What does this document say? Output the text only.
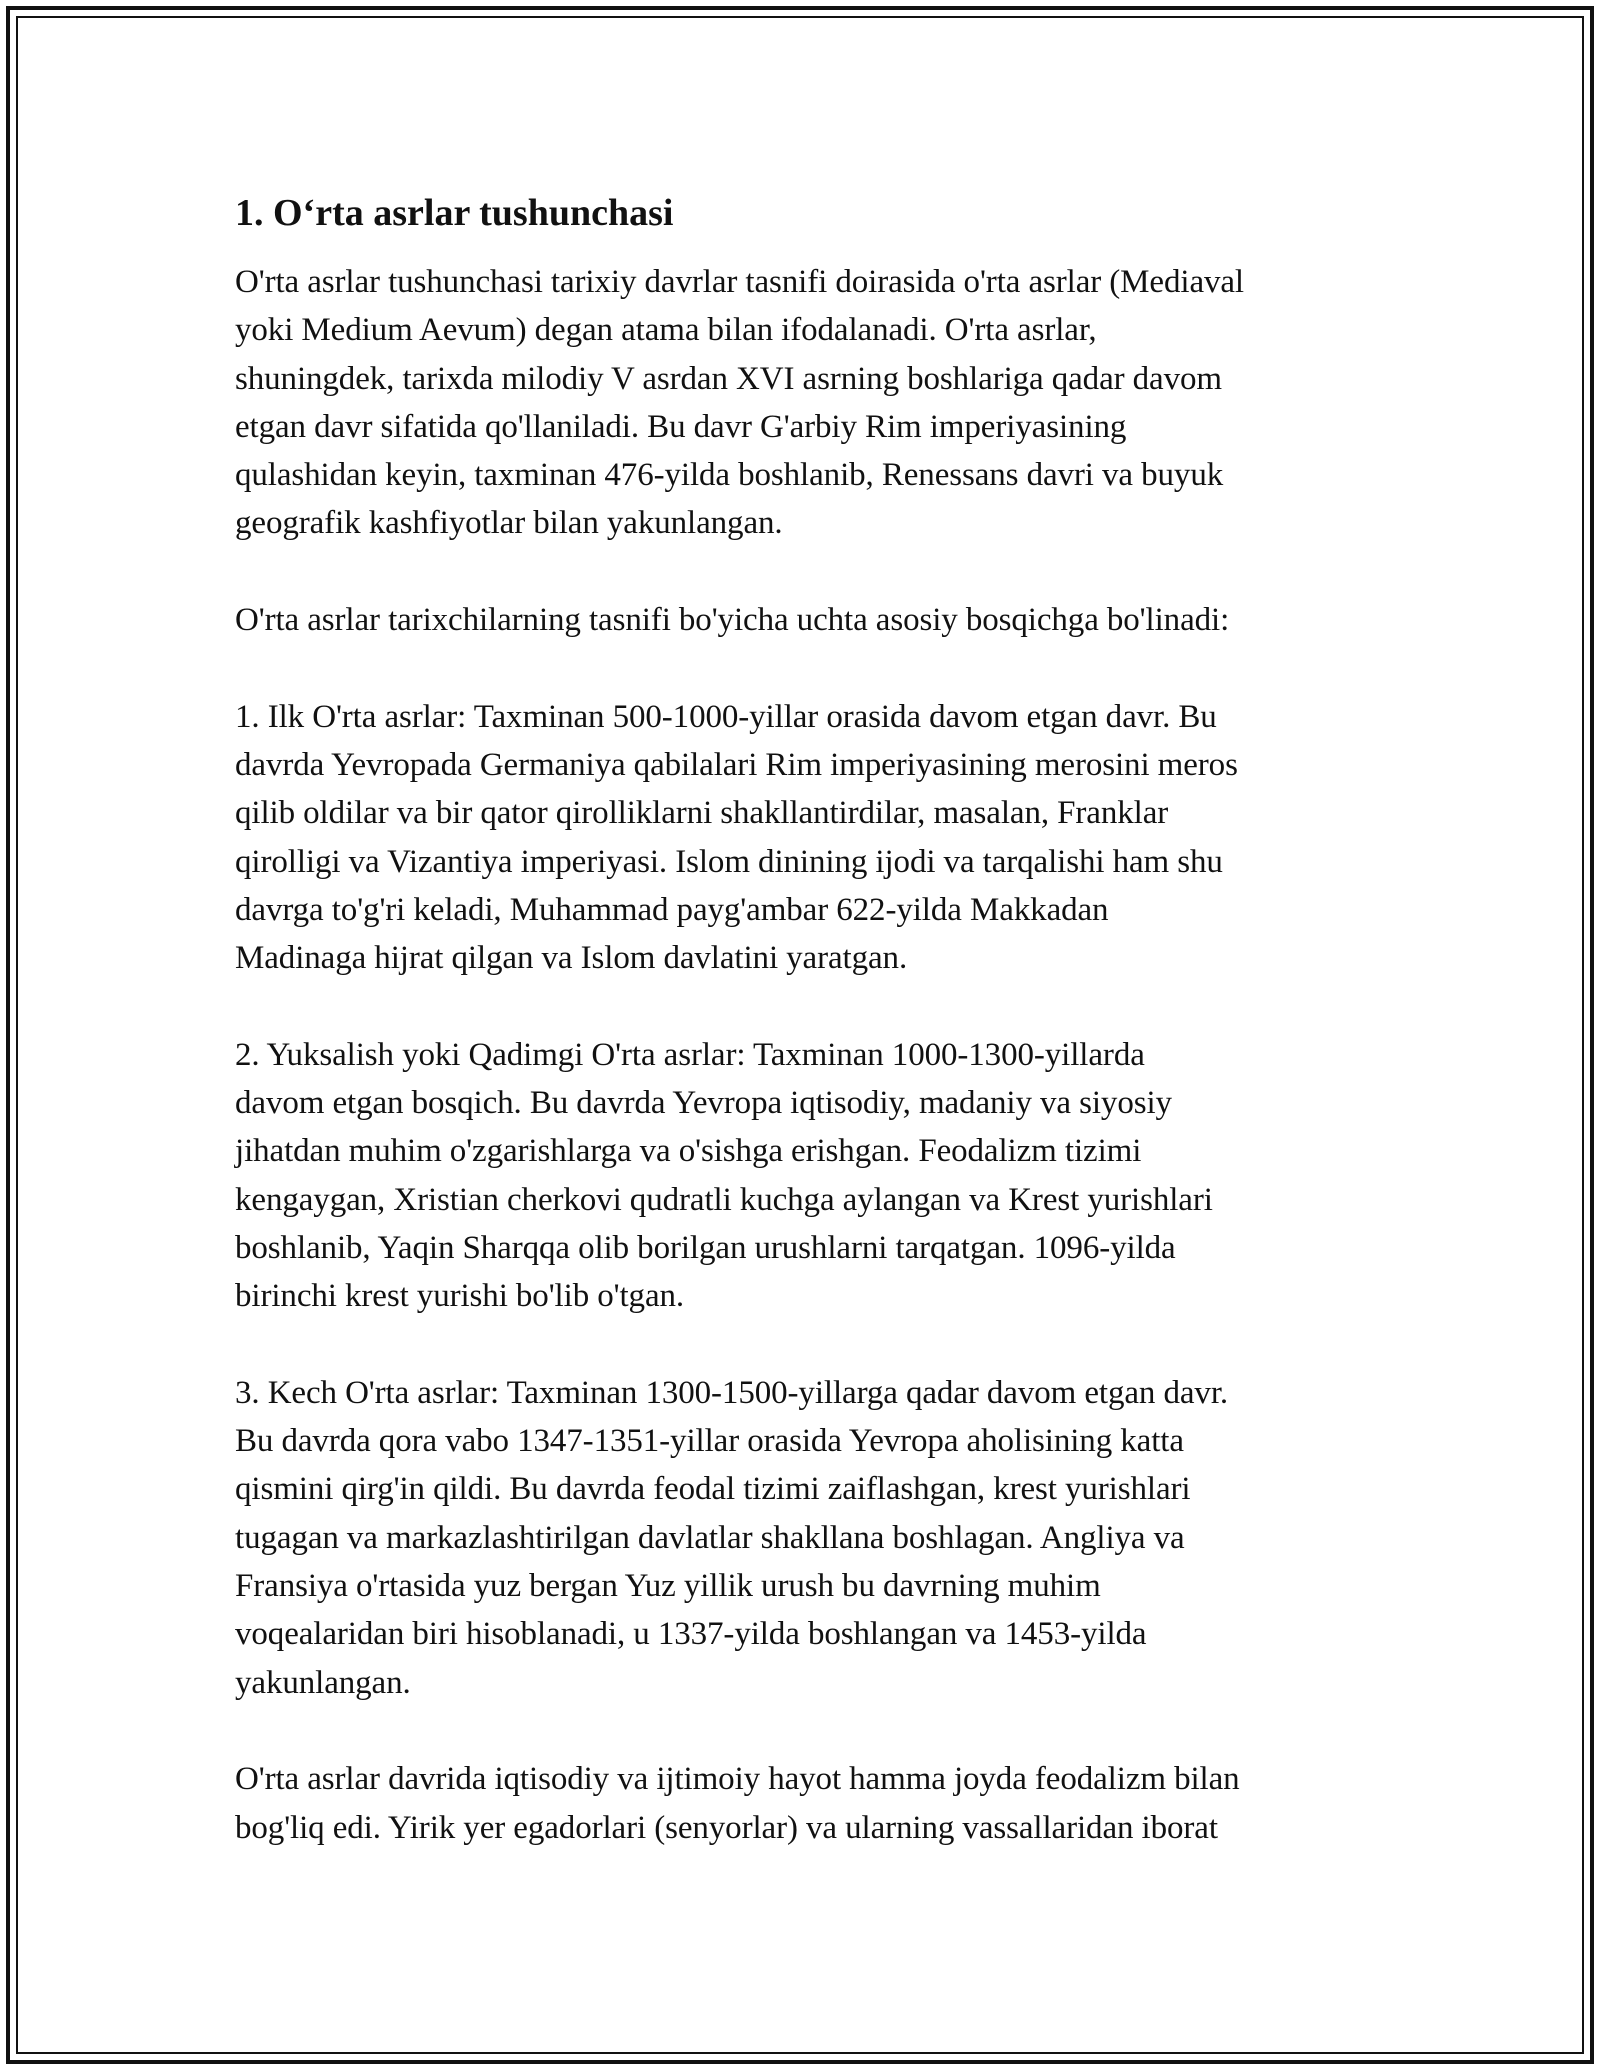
1. O‘rta asrlar tushunchasi
O'rta asrlar tushunchasi tarixiy davrlar tasnifi doirasida o'rta asrlar (Mediaval
yoki Medium Aevum) degan atama bilan ifodalanadi. O'rta asrlar,
shuningdek, tarixda milodiy V asrdan XVI asrning boshlariga qadar davom
etgan davr sifatida qo'llaniladi. Bu davr G'arbiy Rim imperiyasining
qulashidan keyin, taxminan 476-yilda boshlanib, Renessans davri va buyuk
geografik kashfiyotlar bilan yakunlangan.
O'rta asrlar tarixchilarning tasnifi bo'yicha uchta asosiy bosqichga bo'linadi:
1. Ilk O'rta asrlar: Taxminan 500-1000-yillar orasida davom etgan davr. Bu
davrda Yevropada Germaniya qabilalari Rim imperiyasining merosini meros
qilib oldilar va bir qator qirolliklarni shakllantirdilar, masalan, Franklar
qirolligi va Vizantiya imperiyasi. Islom dinining ijodi va tarqalishi ham shu
davrga to'g'ri keladi, Muhammad payg'ambar 622-yilda Makkadan
Madinaga hijrat qilgan va Islom davlatini yaratgan.
2. Yuksalish yoki Qadimgi O'rta asrlar: Taxminan 1000-1300-yillarda
davom etgan bosqich. Bu davrda Yevropa iqtisodiy, madaniy va siyosiy
jihatdan muhim o'zgarishlarga va o'sishga erishgan. Feodalizm tizimi
kengaygan, Xristian cherkovi qudratli kuchga aylangan va Krest yurishlari
boshlanib, Yaqin Sharqqa olib borilgan urushlarni tarqatgan. 1096-yilda
birinchi krest yurishi bo'lib o'tgan.
3. Kech O'rta asrlar: Taxminan 1300-1500-yillarga qadar davom etgan davr.
Bu davrda qora vabo 1347-1351-yillar orasida Yevropa aholisining katta
qismini qirg'in qildi. Bu davrda feodal tizimi zaiflashgan, krest yurishlari
tugagan va markazlashtirilgan davlatlar shakllana boshlagan. Angliya va
Fransiya o'rtasida yuz bergan Yuz yillik urush bu davrning muhim
voqealaridan biri hisoblanadi, u 1337-yilda boshlangan va 1453-yilda
yakunlangan.
O'rta asrlar davrida iqtisodiy va ijtimoiy hayot hamma joyda feodalizm bilan
bog'liq edi. Yirik yer egadorlari (senyorlar) va ularning vassallaridan iborat
